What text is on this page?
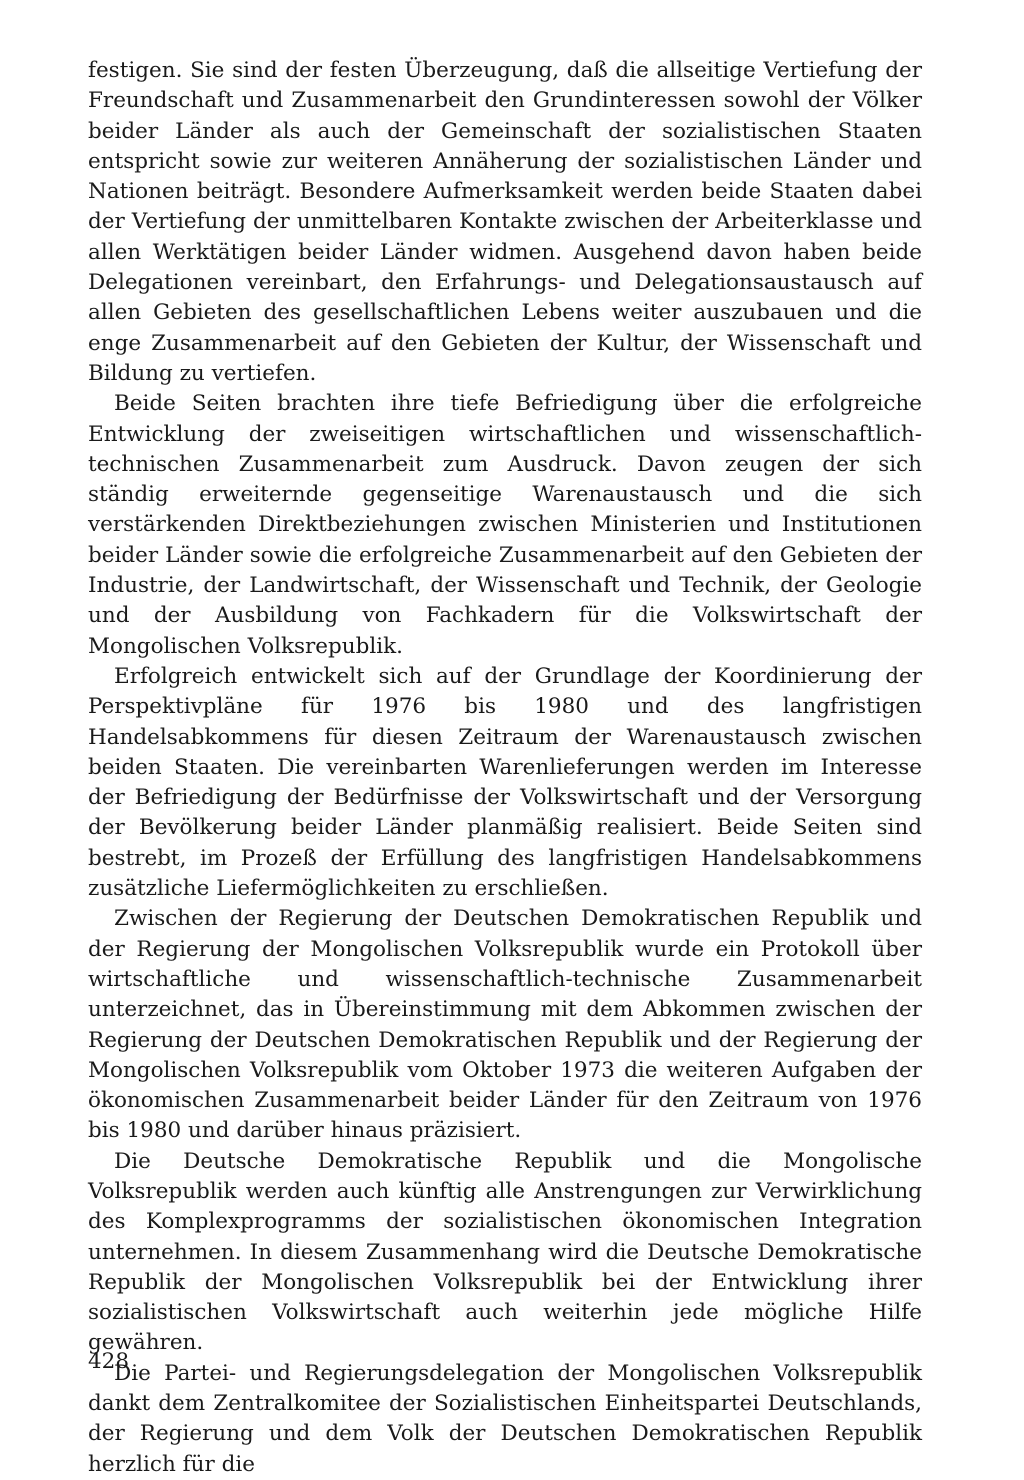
festigen. Sie sind der festen Überzeugung, daß die allseitige Vertiefung der Freundschaft und Zusammenarbeit den Grundinteressen sowohl der Völker beider Länder als auch der Gemeinschaft der sozialistischen Staaten entspricht sowie zur weiteren Annäherung der sozialistischen Länder und Nationen beiträgt. Besondere Aufmerksamkeit werden beide Staaten dabei der Vertiefung der unmittelbaren Kontakte zwischen der Arbeiterklasse und allen Werktätigen beider Länder widmen. Ausgehend davon haben beide Delegationen vereinbart, den Erfahrungs- und Delegationsaustausch auf allen Gebieten des gesellschaftlichen Lebens weiter auszubauen und die enge Zusammenarbeit auf den Gebieten der Kultur, der Wissenschaft und Bildung zu vertiefen.

Beide Seiten brachten ihre tiefe Befriedigung über die erfolgreiche Entwicklung der zweiseitigen wirtschaftlichen und wissenschaftlich-technischen Zusammenarbeit zum Ausdruck. Davon zeugen der sich ständig erweiternde gegenseitige Warenaustausch und die sich verstärkenden Direktbeziehungen zwischen Ministerien und Institutionen beider Länder sowie die erfolgreiche Zusammenarbeit auf den Gebieten der Industrie, der Landwirtschaft, der Wissenschaft und Technik, der Geologie und der Ausbildung von Fachkadern für die Volkswirtschaft der Mongolischen Volksrepublik.

Erfolgreich entwickelt sich auf der Grundlage der Koordinierung der Perspektivpläne für 1976 bis 1980 und des langfristigen Handelsabkommens für diesen Zeitraum der Warenaustausch zwischen beiden Staaten. Die vereinbarten Warenlieferungen werden im Interesse der Befriedigung der Bedürfnisse der Volkswirtschaft und der Versorgung der Bevölkerung beider Länder planmäßig realisiert. Beide Seiten sind bestrebt, im Prozeß der Erfüllung des langfristigen Handelsabkommens zusätzliche Liefermöglichkeiten zu erschließen.

Zwischen der Regierung der Deutschen Demokratischen Republik und der Regierung der Mongolischen Volksrepublik wurde ein Protokoll über wirtschaftliche und wissenschaftlich-technische Zusammenarbeit unterzeichnet, das in Übereinstimmung mit dem Abkommen zwischen der Regierung der Deutschen Demokratischen Republik und der Regierung der Mongolischen Volksrepublik vom Oktober 1973 die weiteren Aufgaben der ökonomischen Zusammenarbeit beider Länder für den Zeitraum von 1976 bis 1980 und darüber hinaus präzisiert.

Die Deutsche Demokratische Republik und die Mongolische Volksrepublik werden auch künftig alle Anstrengungen zur Verwirklichung des Komplexprogramms der sozialistischen ökonomischen Integration unternehmen. In diesem Zusammenhang wird die Deutsche Demokratische Republik der Mongolischen Volksrepublik bei der Entwicklung ihrer sozialistischen Volkswirtschaft auch weiterhin jede mögliche Hilfe gewähren.

Die Partei- und Regierungsdelegation der Mongolischen Volksrepublik dankt dem Zentralkomitee der Sozialistischen Einheitspartei Deutschlands, der Regierung und dem Volk der Deutschen Demokratischen Republik herzlich für die

428
